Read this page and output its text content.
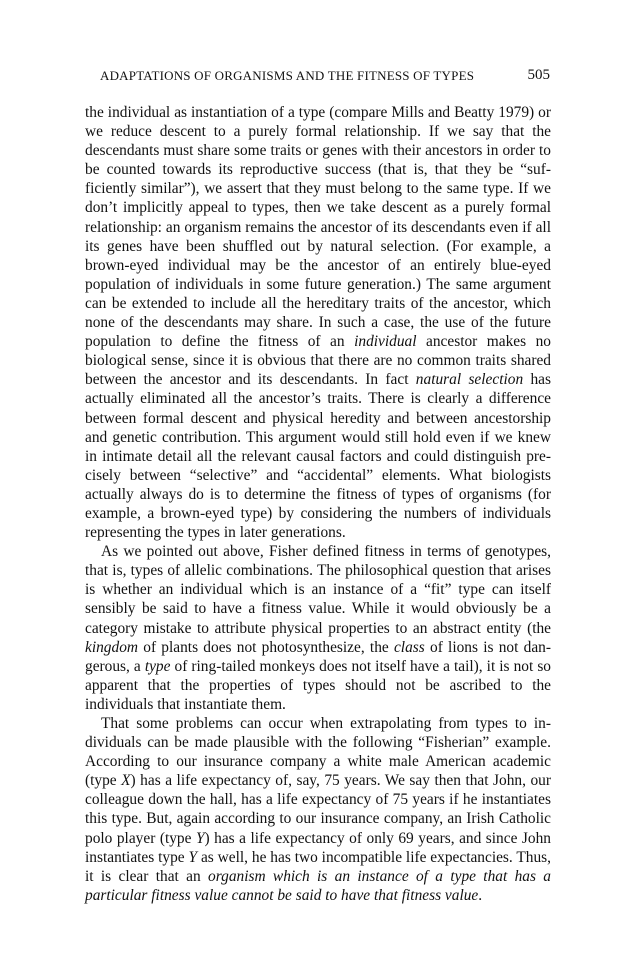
ADAPTATIONS OF ORGANISMS AND THE FITNESS OF TYPES	505

the individual as instantiation of a type (compare Mills and Beatty 1979) or we reduce descent to a purely formal relationship. If we say that the descendants must share some traits or genes with their ancestors in order to be counted towards its reproductive success (that is, that they be “sufficiently similar”), we assert that they must belong to the same type. If we don’t implicitly appeal to types, then we take descent as a purely formal relationship: an organism remains the ancestor of its descendants even if all its genes have been shuffled out by natural selection. (For example, a brown-eyed individual may be the ancestor of an entirely blue-eyed population of individuals in some future generation.) The same argument can be extended to include all the hereditary traits of the ancestor, which none of the descendants may share. In such a case, the use of the future population to define the fitness of an individual ancestor makes no biological sense, since it is obvious that there are no common traits shared between the ancestor and its descendants. In fact natural selection has actually eliminated all the ancestor’s traits. There is clearly a difference between formal descent and physical heredity and between ancestorship and genetic contribution. This argument would still hold even if we knew in intimate detail all the relevant causal factors and could distinguish precisely between “selective” and “accidental” elements. What biologists actually always do is to determine the fitness of types of organisms (for example, a brown-eyed type) by considering the numbers of individuals representing the types in later generations.

As we pointed out above, Fisher defined fitness in terms of genotypes, that is, types of allelic combinations. The philosophical question that arises is whether an individual which is an instance of a “fit” type can itself sensibly be said to have a fitness value. While it would obviously be a category mistake to attribute physical properties to an abstract entity (the kingdom of plants does not photosynthesize, the class of lions is not dangerous, a type of ring-tailed monkeys does not itself have a tail), it is not so apparent that the properties of types should not be ascribed to the individuals that instantiate them.

That some problems can occur when extrapolating from types to individuals can be made plausible with the following “Fisherian” example. According to our insurance company a white male American academic (type X) has a life expectancy of, say, 75 years. We say then that John, our colleague down the hall, has a life expectancy of 75 years if he instantiates this type. But, again according to our insurance company, an Irish Catholic polo player (type Y) has a life expectancy of only 69 years, and since John instantiates type Y as well, he has two incompatible life expectancies. Thus, it is clear that an organism which is an instance of a type that has a particular fitness value cannot be said to have that fitness value.
